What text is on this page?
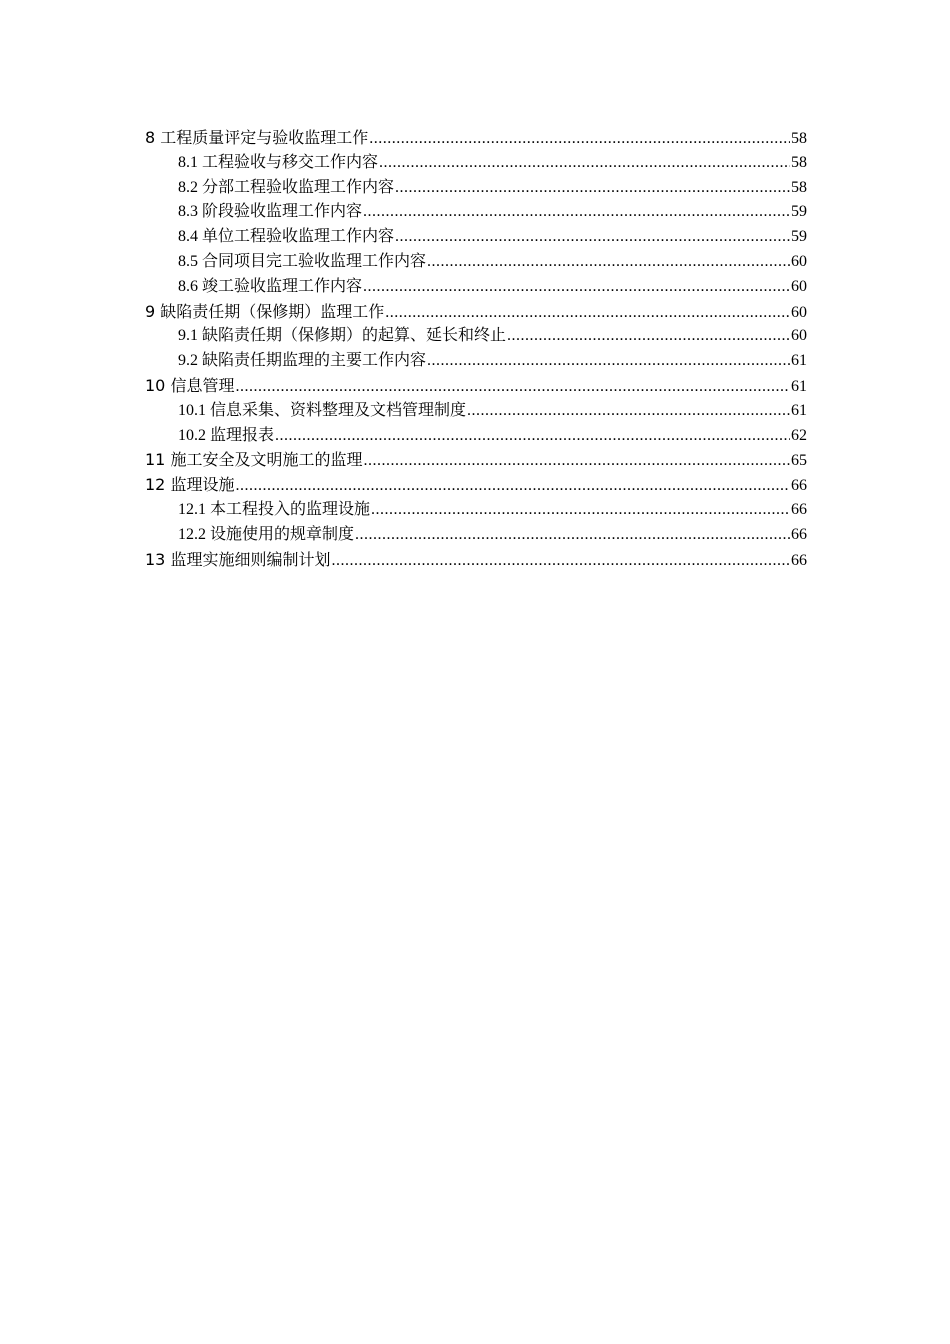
8 工程质量评定与验收监理工作 .....	58
8.1 工程验收与移交工作内容 .....	58
8.2 分部工程验收监理工作内容 .....	58
8.3 阶段验收监理工作内容 .....	59
8.4 单位工程验收监理工作内容 .....	59
8.5 合同项目完工验收监理工作内容 .....	60
8.6 竣工验收监理工作内容 .....	60
9 缺陷责任期（保修期）监理工作 .....	60
9.1 缺陷责任期（保修期）的起算、延长和终止 .....	60
9.2 缺陷责任期监理的主要工作内容 .....	61
10 信息管理 .....	61
10.1 信息采集、资料整理及文档管理制度 .....	61
10.2 监理报表 .....	62
11 施工安全及文明施工的监理 .....	65
12 监理设施 .....	66
12.1 本工程投入的监理设施 .....	66
12.2 设施使用的规章制度 .....	66
13 监理实施细则编制计划 .....	66
